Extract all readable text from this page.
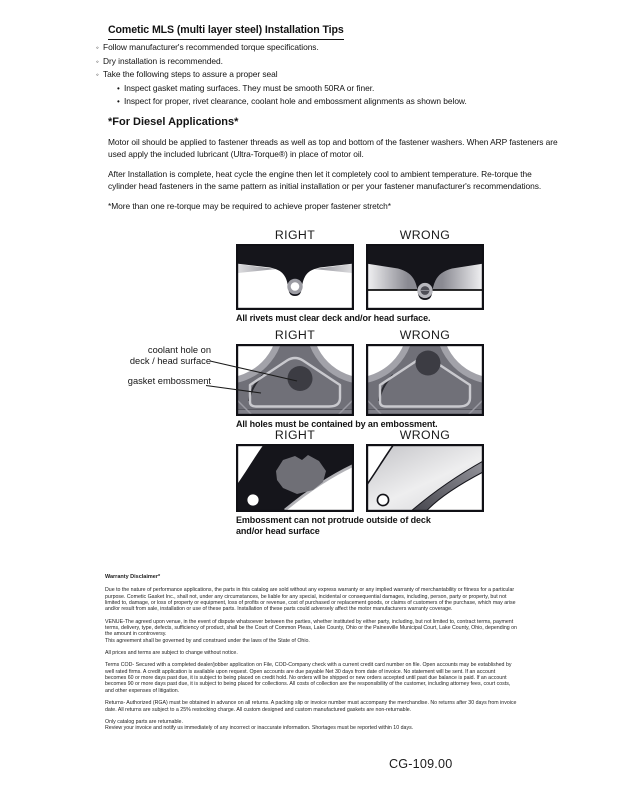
Cometic MLS (multi layer steel) Installation Tips
◦ Follow manufacturer's recommended torque specifications.
◦ Dry installation is recommended.
◦ Take the following steps to assure a proper seal
• Inspect gasket mating surfaces. They must be smooth 50RA or finer.
• Inspect for proper, rivet clearance, coolant hole and embossment alignments as shown below.
*For Diesel Applications*

Motor oil should be applied to fastener threads as well as top and bottom of the fastener washers. When ARP fasteners are used apply the included lubricant (Ultra-Torque®) in place of motor oil.

After Installation is complete, heat cycle the engine then let it completely cool to ambient temperature. Re-torque the cylinder head fasteners in the same pattern as initial installation or per your fastener manufacturer's recommendations.

*More than one re-torque may be required to achieve proper fastener stretch*

RIGHT	WRONG
All rivets must clear deck and/or head surface.
RIGHT	WRONG
All holes must be contained by an embossment.
coolant hole on
deck / head surface
gasket embossment
RIGHT	WRONG
Embossment can not protrude outside of deck and/or head surface
Warranty Disclaimer*

Due to the nature of performance applications, the parts in this catalog are sold without any express warranty or any implied warranty of merchantability or fitness for a particular purpose. Cometic Gasket Inc., shall not, under any circumstances, be liable for any special, incidental or consequential damages, including, person, party or property, but not limited to, damage, or loss of property or equipment, loss of profits or revenue, cost of purchased or replacement goods, or claims of customers of the purchase, which may arise and/or result from sale, installation or use of these parts. Installation of these parts could adversely affect the motor manufacturers warranty coverage.

VENUE-The agreed upon venue, in the event of dispute whatsoever between the parties, whether instituted by either party, including, but not limited to, contract terms, payment terms, delivery, type, defects, sufficiency of product, shall be the Court of Common Pleas, Lake County, Ohio or the Painesville Municipal Court, Lake County, Ohio, depending on the amount in controversy.

This agreement shall be governed by and construed under the laws of the State of Ohio.

All prices and terms are subject to change without notice.

Terms COD- Secured with a completed dealer/jobber application on File, COD-Company check with a current credit card number on file. Open accounts may be established by well rated firms. A credit application is available upon request. Open accounts are due payable Net 30 days from date of invoice. No statement will be sent. If an account becomes 60 or more days past due, it is subject to being placed on credit hold. No orders will be shipped or new orders accepted until past due balance is paid. If an account becomes 90 or more days past due, it is subject to being placed for collections. All costs of collection are the responsibility of the customer, including attorney fees, court costs, and other expenses of litigation.

Returns- Authorized (RGA) must be obtained in advance on all returns. A packing slip or invoice number must accompany the merchandise. No returns after 30 days from invoice date. All returns are subject to a 25% restocking charge. All custom designed and custom manufactured gaskets are non-returnable.

Only catalog parts are returnable.

Review your invoice and notify us immediately of any incorrect or inaccurate information. Shortages must be reported within 10 days.

CG-109.00
